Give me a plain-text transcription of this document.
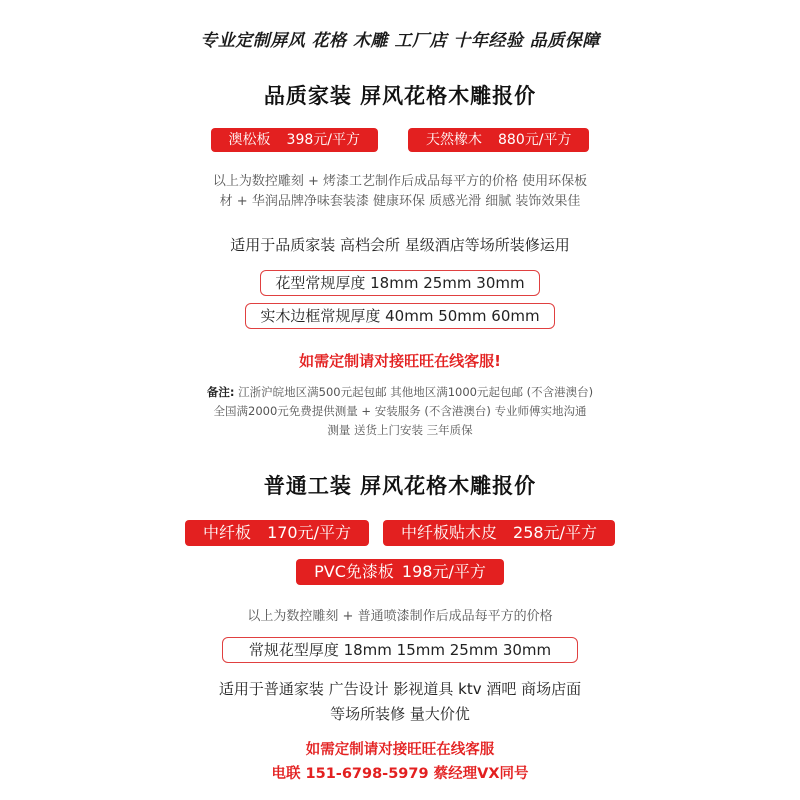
专业定制屏风 花格 木雕 工厂店 十年经验 品质保障
品质家装 屏风花格木雕报价
澳松板 398元/平方	天然橡木 880元/平方
以上为数控雕刻 + 烤漆工艺制作后成品每平方的价格 使用环保板
材 + 华润品牌净味套装漆 健康环保 质感光滑 细腻 装饰效果佳
适用于品质家装 高档会所 星级酒店等场所装修运用
花型常规厚度 18mm 25mm 30mm
实木边框常规厚度 40mm 50mm 60mm
如需定制请对接旺旺在线客服!
备注: 江浙沪皖地区满500元起包邮 其他地区满1000元起包邮 (不含港澳台)
全国满2000元免费提供测量 + 安装服务 (不含港澳台) 专业师傅实地沟通
测量 送货上门安装 三年质保
普通工装 屏风花格木雕报价
中纤板 170元/平方	中纤板贴木皮 258元/平方
PVC免漆板 198元/平方
以上为数控雕刻 + 普通喷漆制作后成品每平方的价格
常规花型厚度 18mm 15mm 25mm 30mm
适用于普通家装 广告设计 影视道具 ktv 酒吧 商场店面
等场所装修 量大价优
如需定制请对接旺旺在线客服
电联 151-6798-5979 蔡经理VX同号
